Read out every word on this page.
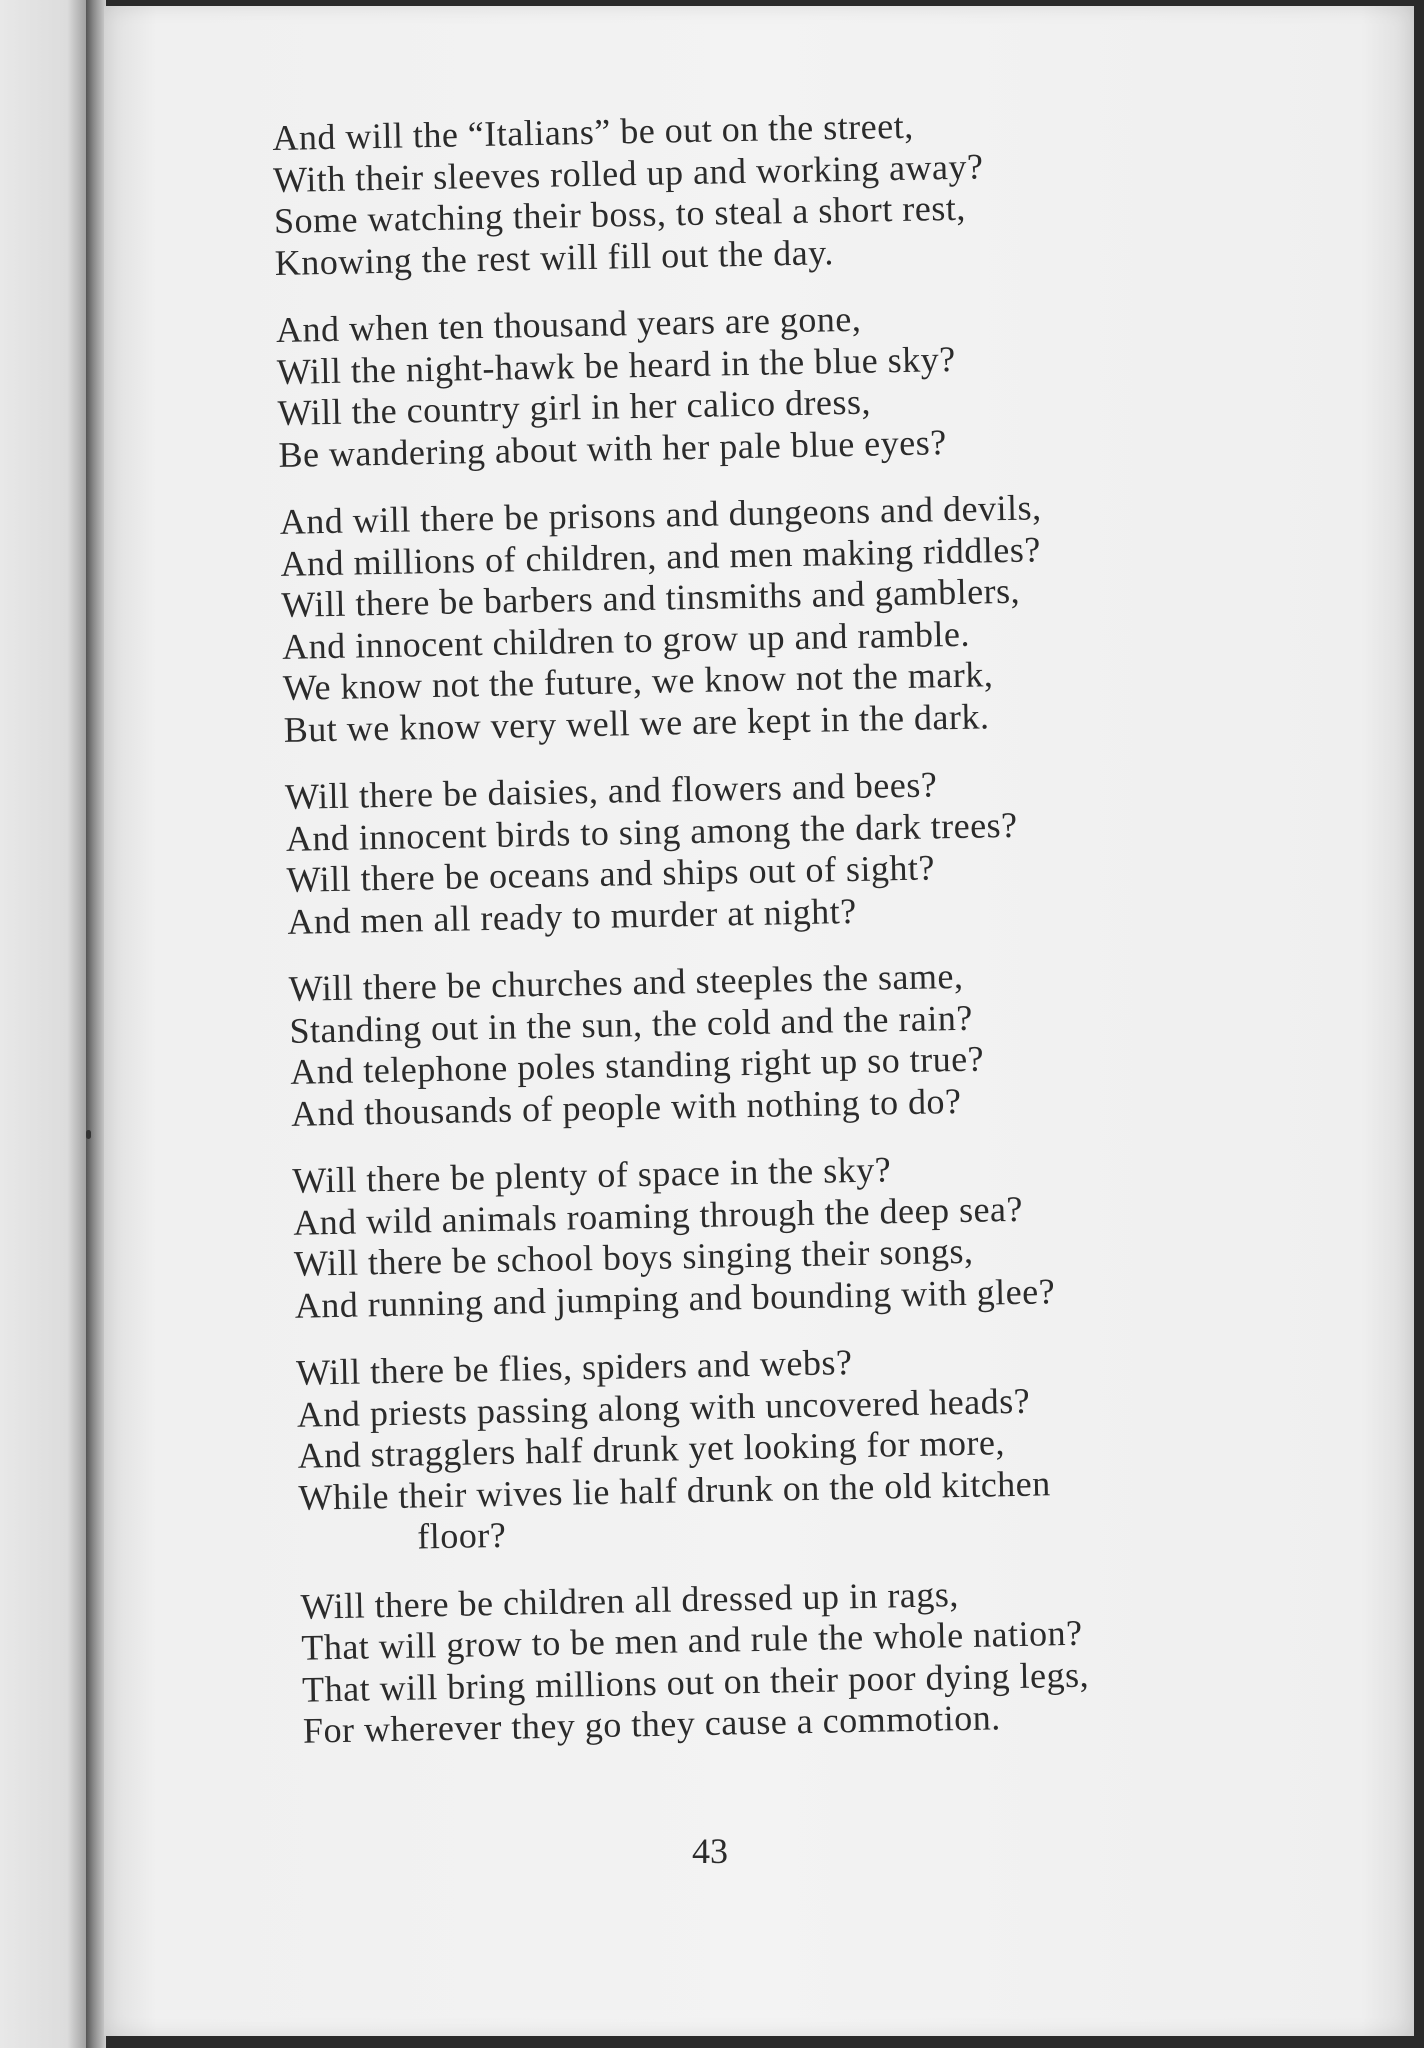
And will the “Italians” be out on the street,
With their sleeves rolled up and working away?
Some watching their boss, to steal a short rest,
Knowing the rest will fill out the day.
And when ten thousand years are gone,
Will the night-hawk be heard in the blue sky?
Will the country girl in her calico dress,
Be wandering about with her pale blue eyes?
And will there be prisons and dungeons and devils,
And millions of children, and men making riddles?
Will there be barbers and tinsmiths and gamblers,
And innocent children to grow up and ramble.
We know not the future, we know not the mark,
But we know very well we are kept in the dark.
Will there be daisies, and flowers and bees?
And innocent birds to sing among the dark trees?
Will there be oceans and ships out of sight?
And men all ready to murder at night?
Will there be churches and steeples the same,
Standing out in the sun, the cold and the rain?
And telephone poles standing right up so true?
And thousands of people with nothing to do?
Will there be plenty of space in the sky?
And wild animals roaming through the deep sea?
Will there be school boys singing their songs,
And running and jumping and bounding with glee?
Will there be flies, spiders and webs?
And priests passing along with uncovered heads?
And stragglers half drunk yet looking for more,
While their wives lie half drunk on the old kitchen
floor?
Will there be children all dressed up in rags,
That will grow to be men and rule the whole nation?
That will bring millions out on their poor dying legs,
For wherever they go they cause a commotion.
43
